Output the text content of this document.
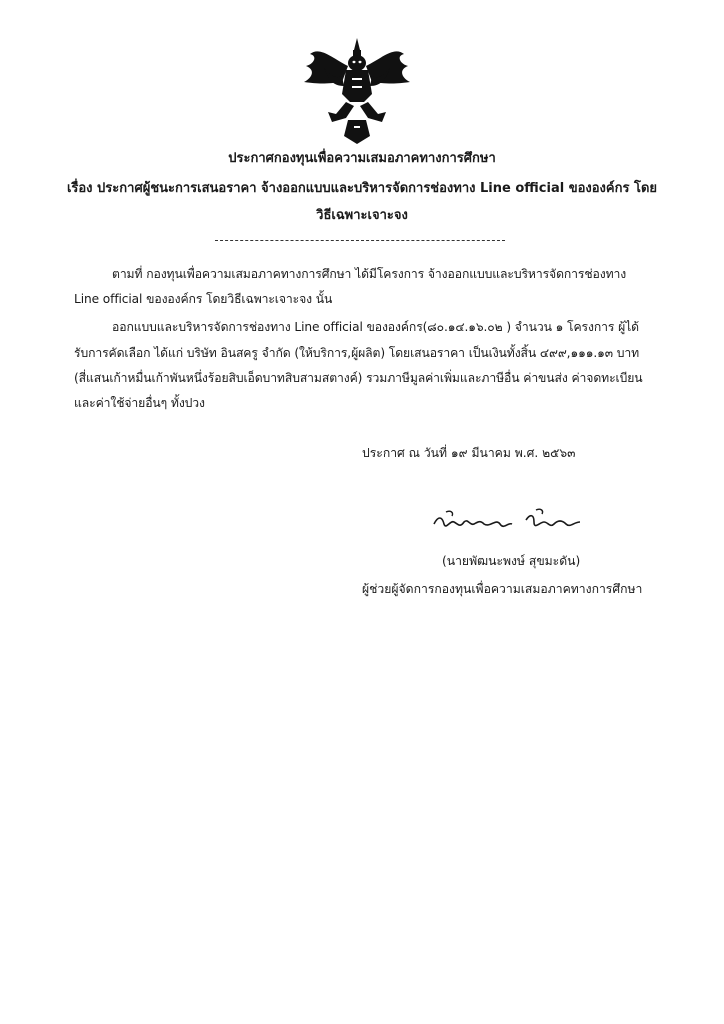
ประกาศกองทุนเพื่อความเสมอภาคทางการศึกษา
เรื่อง ประกาศผู้ชนะการเสนอราคา จ้างออกแบบและบริหารจัดการช่องทาง Line official ขององค์กร โดย
วิธีเฉพาะเจาะจง
ตามที่ กองทุนเพื่อความเสมอภาคทางการศึกษา ได้มีโครงการ จ้างออกแบบและบริหารจัดการช่องทาง
Line official ขององค์กร โดยวิธีเฉพาะเจาะจง นั้น
ออกแบบและบริหารจัดการช่องทาง Line official ขององค์กร(๘๐.๑๔.๑๖.๐๒ ) จำนวน ๑ โครงการ ผู้ได้
รับการคัดเลือก ได้แก่ บริษัท อินสครู จำกัด (ให้บริการ,ผู้ผลิต) โดยเสนอราคา เป็นเงินทั้งสิ้น ๔๙๙,๑๑๑.๑๓ บาท
(สี่แสนเก้าหมื่นเก้าพันหนึ่งร้อยสิบเอ็ดบาทสิบสามสตางค์) รวมภาษีมูลค่าเพิ่มและภาษีอื่น ค่าขนส่ง ค่าจดทะเบียน
และค่าใช้จ่ายอื่นๆ ทั้งปวง
ประกาศ ณ วันที่ ๑๙ มีนาคม พ.ศ. ๒๕๖๓
(นายพัฒนะพงษ์ สุขมะดัน)
ผู้ช่วยผู้จัดการกองทุนเพื่อความเสมอภาคทางการศึกษา
